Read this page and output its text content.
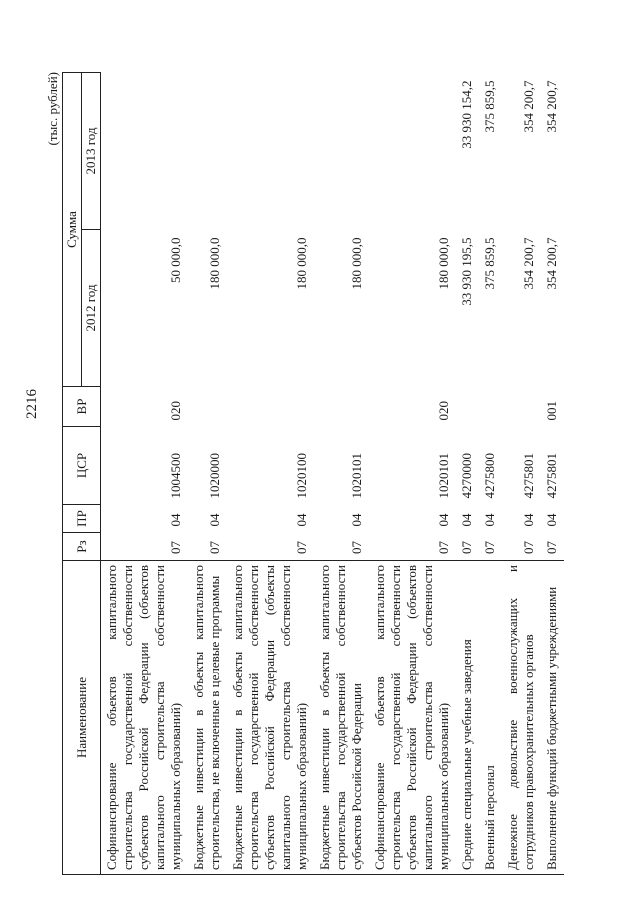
2216
(тыс. рублей)
Наименование	Рз	ПР	ЦСР	ВР	Сумма	
					2012 год	2013 год
Софинансирование объектов капитального строительства государственной собственности субъектов Российской Федерации (объектов капитального строительства собственности муниципальных образований)	07	04	1004500	020	50 000,0	
Бюджетные инвестиции в объекты капитального строительства, не включенные в целевые программы	07	04	1020000		180 000,0	
Бюджетные инвестиции в объекты капитального строительства государственной собственности субъектов Российской Федерации (объекты капитального строительства собственности муниципальных образований)	07	04	1020100		180 000,0	
Бюджетные инвестиции в объекты капитального строительства государственной собственности субъектов Российской Федерации	07	04	1020101		180 000,0	
Софинансирование объектов капитального строительства государственной собственности субъектов Российской Федерации (объектов капитального строительства собственности муниципальных образований)	07	04	1020101	020	180 000,0	
Средние специальные учебные заведения	07	04	4270000		33 930 195,5	33 930 154,2
Военный персонал	07	04	4275800		375 859,5	375 859,5
Денежное довольствие военнослужащих и сотрудников правоохранительных органов	07	04	4275801		354 200,7	354 200,7
Выполнение функций бюджетными учреждениями	07	04	4275801	001	354 200,7	354 200,7
